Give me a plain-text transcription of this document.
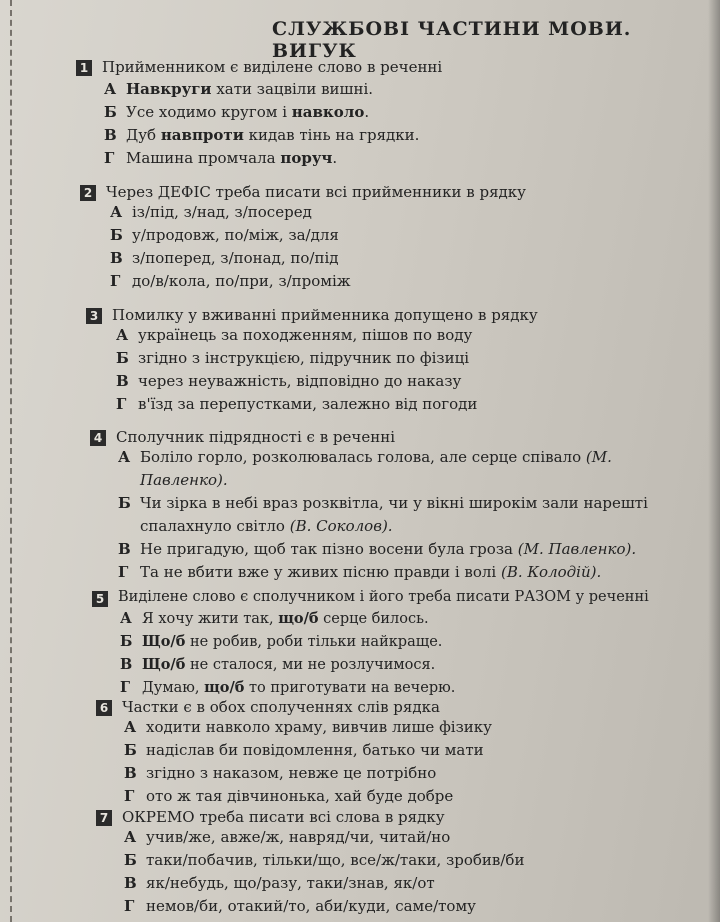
СЛУЖБОВІ ЧАСТИНИ МОВИ. ВИГУК
1 Прийменником є виділене слово в реченні
А Навкруги хати зацвіли вишні.
Б Усе ходимо кругом і навколо.
В Дуб навпроти кидав тінь на грядки.
Г Машина промчала поруч.
2 Через ДЕФІС треба писати всі прийменники в рядку
А із/під, з/над, з/посеред
Б у/продовж, по/між, за/для
В з/поперед, з/понад, по/під
Г до/в/кола, по/при, з/проміж
3 Помилку у вживанні прийменника допущено в рядку
А українець за походженням, пішов по воду
Б згідно з інструкцією, підручник по фізиці
В через неуважність, відповідно до наказу
Г в'їзд за перепустками, залежно від погоди
4 Сполучник підрядності є в реченні
А Боліло горло, розколювалась голова, але серце співало (М. Павленко).
Б Чи зірка в небі враз розквітла, чи у вікні широкім зали нарешті спалахнуло світло (В. Соколов).
В Не пригадую, щоб так пізно восени була гроза (М. Павленко).
Г Та не вбити вже у живих пісню правди і волі (В. Колодій).
5 Виділене слово є сполучником і його треба писати РАЗОМ у реченні
А Я хочу жити так, що/б серце билось.
Б Що/б не робив, роби тільки найкраще.
В Що/б не сталося, ми не розлучимося.
Г Думаю, що/б то приготувати на вечерю.
6 Частки є в обох сполученнях слів рядка
А ходити навколо храму, вивчив лише фізику
Б надіслав би повідомлення, батько чи мати
В згідно з наказом, невже це потрібно
Г ото ж тая дівчинонька, хай буде добре
7 ОКРЕМО треба писати всі слова в рядку
А учив/же, авже/ж, навряд/чи, читай/но
Б таки/побачив, тільки/що, все/ж/таки, зробив/би
В як/небудь, що/разу, таки/знав, як/от
Г немов/би, отакий/то, аби/куди, саме/тому
